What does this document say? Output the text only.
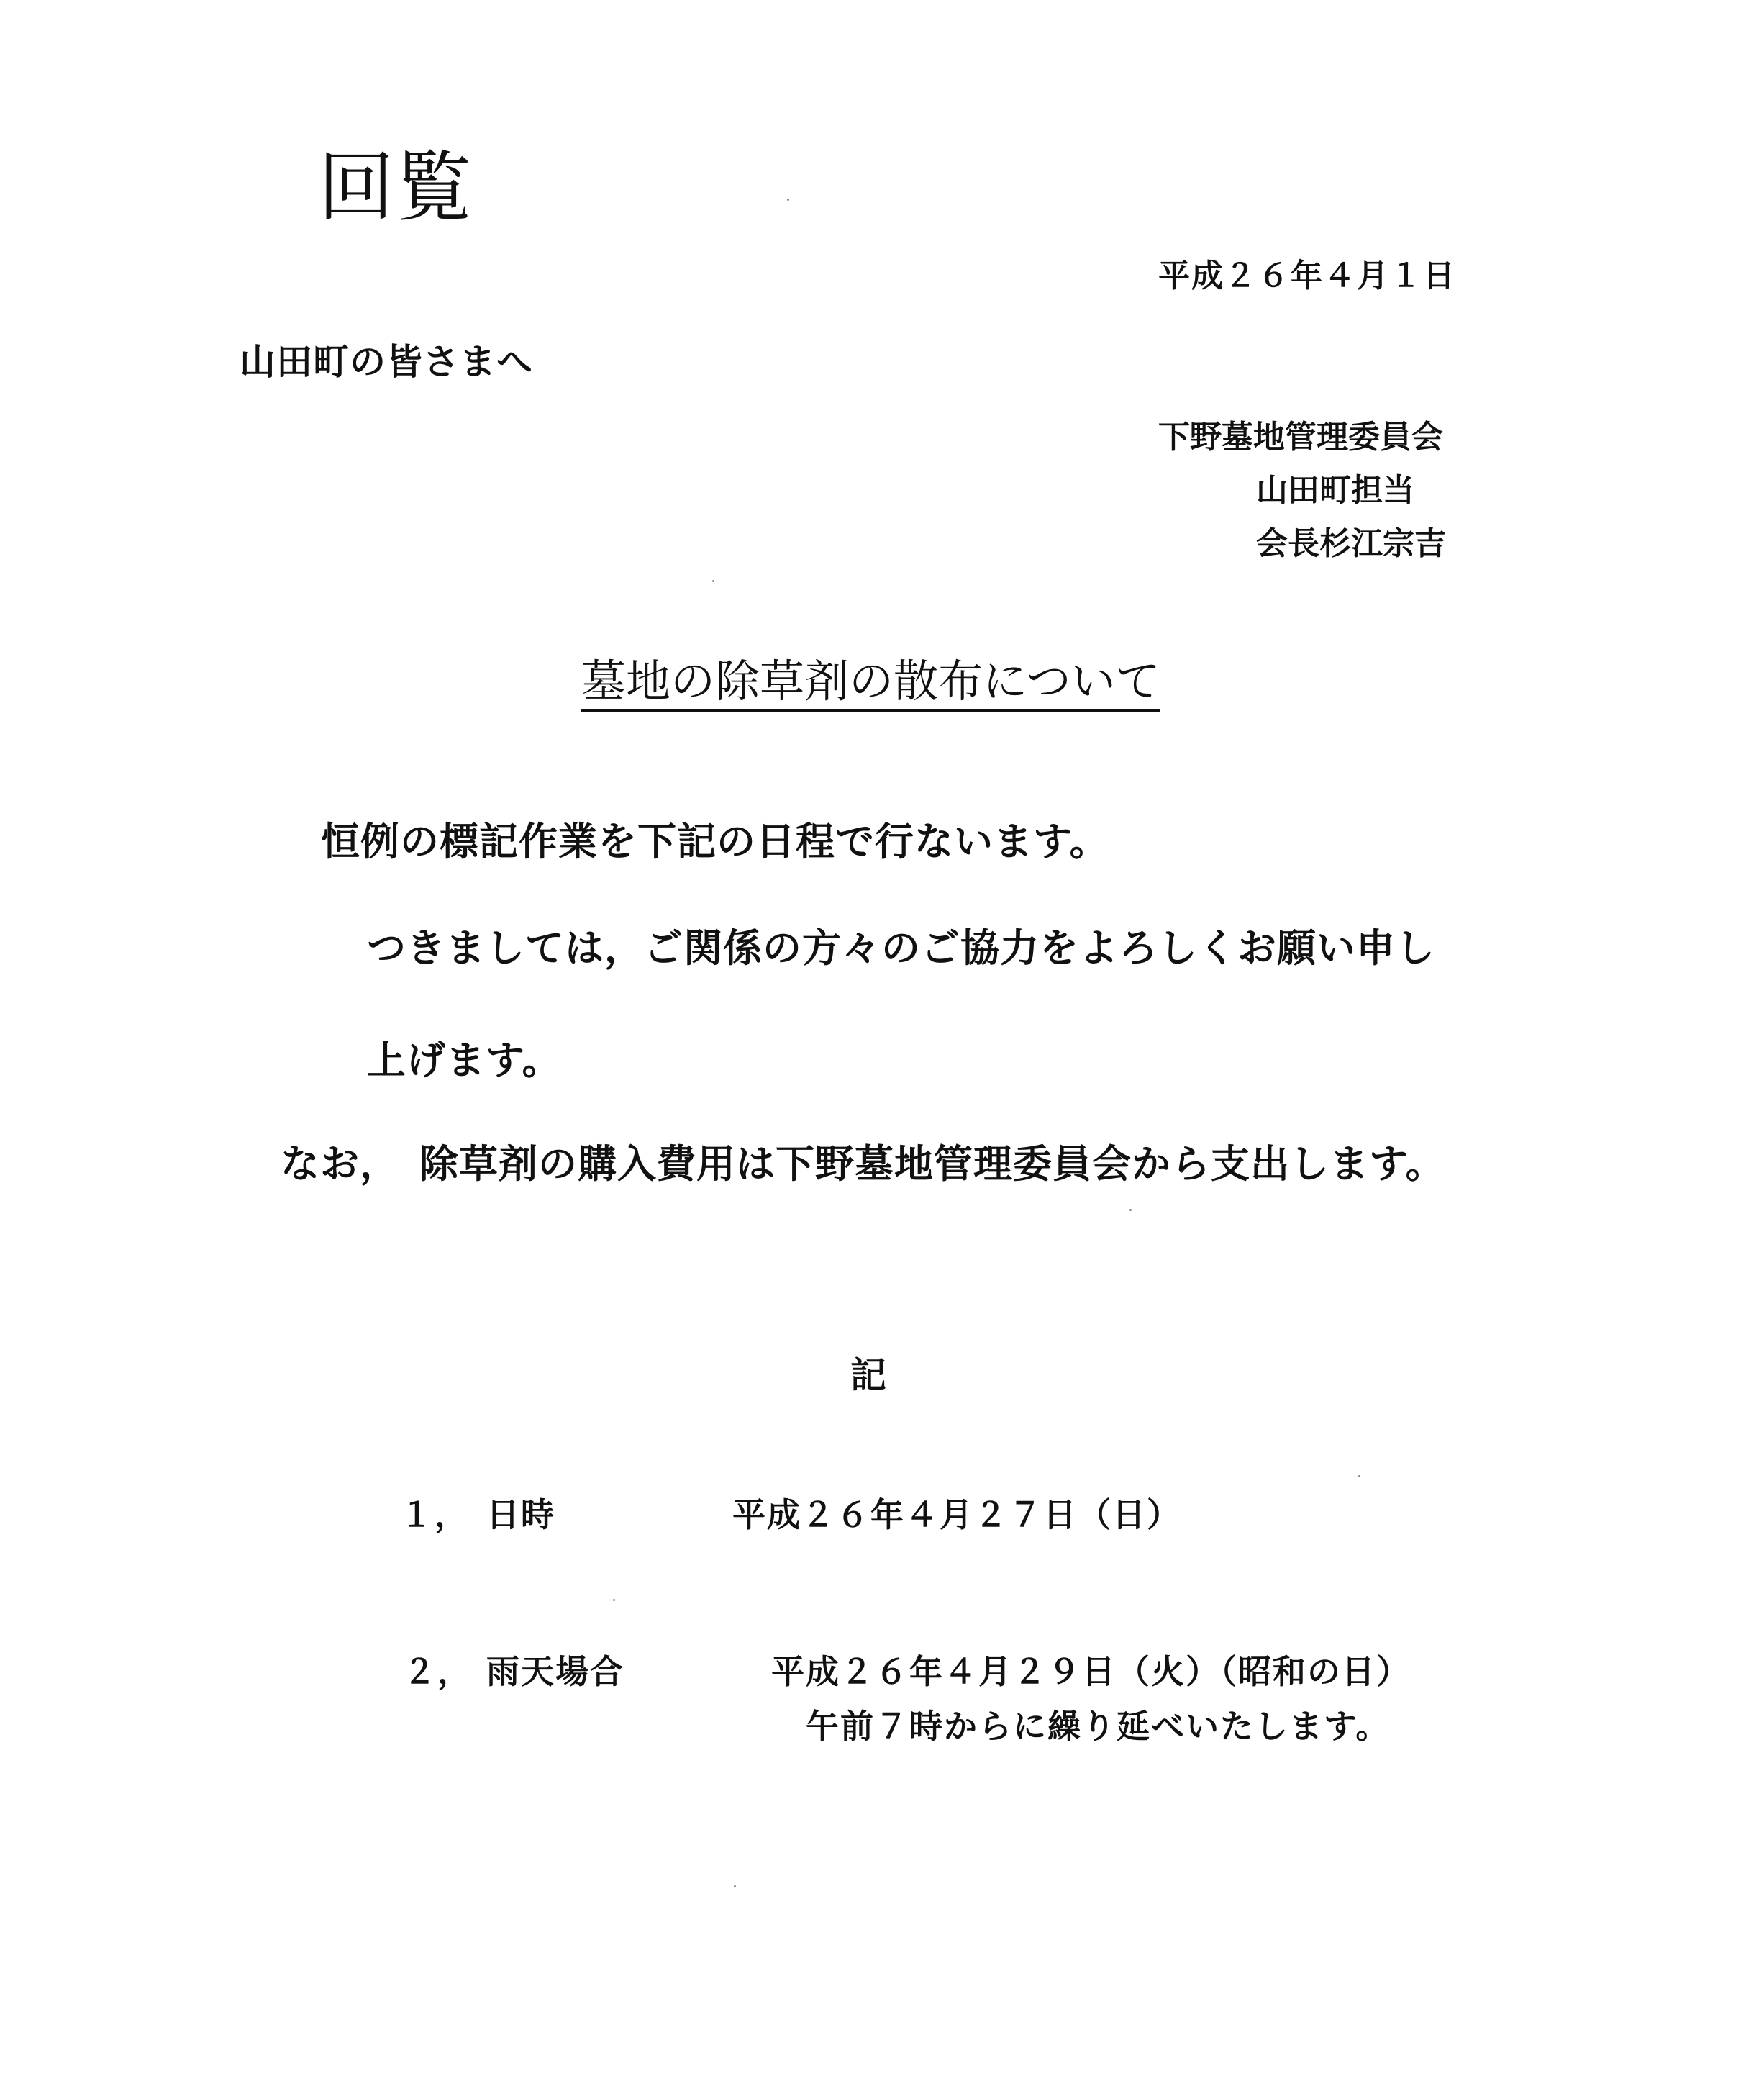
回覧
平成２６年４月１日
山田町の皆さまへ
下野墓地管理委員会
山田町担当
会長杉江宗吉
墓地の除草剤の散布について
恒例の標記作業を下記の日程で行ないます。
つきましては，ご関係の方々のご協力をよろしくお願い申し
上げます。
なお，　除草剤の購入費用は下野墓地管理委員会から支出します。
記
１， 日時	平成２６年４月２７日（日）
２， 雨天場合	平成２６年４月２９日（火）（昭和の日）
午前７時からに繰り延べいたします。
